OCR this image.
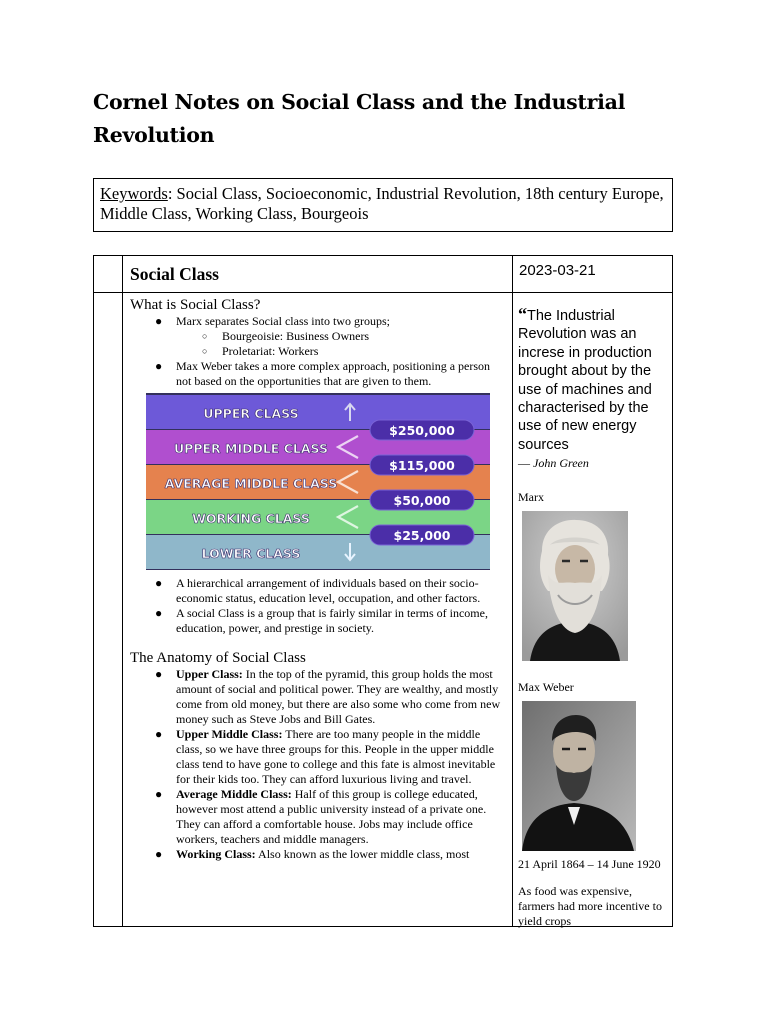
Cornel Notes on Social Class and the Industrial Revolution
Keywords: Social Class, Socioeconomic, Industrial Revolution, 18th century Europe, Middle Class, Working Class, Bourgeois
Social Class	2023-03-21
What is Social Class?
● Marx separates Social class into two groups;
○ Bourgeoisie: Business Owners
○ Proletariat: Workers
● Max Weber takes a more complex approach, positioning a person not based on the opportunities that are given to them.
UPPER CLASS
UPPER MIDDLE CLASS
AVERAGE MIDDLE CLASS
WORKING CLASS
LOWER CLASS
$250,000
$115,000
$50,000
$25,000
● A hierarchical arrangement of individuals based on their socio-economic status, education level, occupation, and other factors.
● A social Class is a group that is fairly similar in terms of income, education, power, and prestige in society.
The Anatomy of Social Class
● Upper Class: In the top of the pyramid, this group holds the most amount of social and political power. They are wealthy, and mostly come from old money, but there are also some who come from new money such as Steve Jobs and Bill Gates.
● Upper Middle Class: There are too many people in the middle class, so we have three groups for this. People in the upper middle class tend to have gone to college and this fate is almost inevitable for their kids too. They can afford luxurious living and travel.
● Average Middle Class: Half of this group is college educated, however most attend a public university instead of a private one. They can afford a comfortable house. Jobs may include office workers, teachers and middle managers.
● Working Class: Also known as the lower middle class, most
“The Industrial Revolution was an increse in production brought about by the use of machines and characterised by the use of new energy sources
— John Green
Marx
Max Weber
21 April 1864 – 14 June 1920
As food was expensive, farmers had more incentive to yield crops
